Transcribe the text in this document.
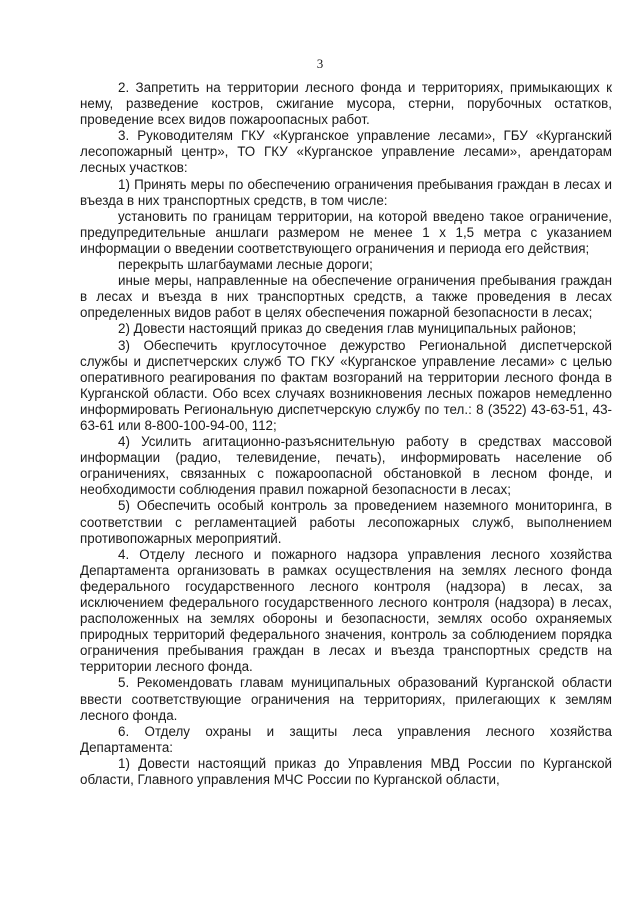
3

2. Запретить на территории лесного фонда и территориях, примыкающих к нему, разведение костров, сжигание мусора, стерни, порубочных остатков, проведение всех видов пожароопасных работ.

3. Руководителям ГКУ «Курганское управление лесами», ГБУ «Курганский лесопожарный центр», ТО ГКУ «Курганское управление лесами», арендаторам лесных участков:

1) Принять меры по обеспечению ограничения пребывания граждан в лесах и въезда в них транспортных средств, в том числе:

установить по границам территории, на которой введено такое ограничение, предупредительные аншлаги размером не менее 1 х 1,5 метра с указанием информации о введении соответствующего ограничения и периода его действия;

перекрыть шлагбаумами лесные дороги;

иные меры, направленные на обеспечение ограничения пребывания граждан в лесах и въезда в них транспортных средств, а также проведения в лесах определенных видов работ в целях обеспечения пожарной безопасности в лесах;

2) Довести настоящий приказ до сведения глав муниципальных районов;

3) Обеспечить круглосуточное дежурство Региональной диспетчерской службы и диспетчерских служб ТО ГКУ «Курганское управление лесами» с целью оперативного реагирования по фактам возгораний на территории лесного фонда в Курганской области. Обо всех случаях возникновения лесных пожаров немедленно информировать Региональную диспетчерскую службу по тел.: 8 (3522) 43-63-51, 43-63-61 или 8-800-100-94-00, 112;

4) Усилить агитационно-разъяснительную работу в средствах массовой информации (радио, телевидение, печать), информировать население об ограничениях, связанных с пожароопасной обстановкой в лесном фонде, и необходимости соблюдения правил пожарной безопасности в лесах;

5) Обеспечить особый контроль за проведением наземного мониторинга, в соответствии с регламентацией работы лесопожарных служб, выполнением противопожарных мероприятий.

4. Отделу лесного и пожарного надзора управления лесного хозяйства Департамента организовать в рамках осуществления на землях лесного фонда федерального государственного лесного контроля (надзора) в лесах, за исключением федерального государственного лесного контроля (надзора) в лесах, расположенных на землях обороны и безопасности, землях особо охраняемых природных территорий федерального значения, контроль за соблюдением порядка ограничения пребывания граждан в лесах и въезда транспортных средств на территории лесного фонда.

5. Рекомендовать главам муниципальных образований Курганской области ввести соответствующие ограничения на территориях, прилегающих к землям лесного фонда.

6. Отделу охраны и защиты леса управления лесного хозяйства Департамента:

1) Довести настоящий приказ до Управления МВД России по Курганской области, Главного управления МЧС России по Курганской области,
